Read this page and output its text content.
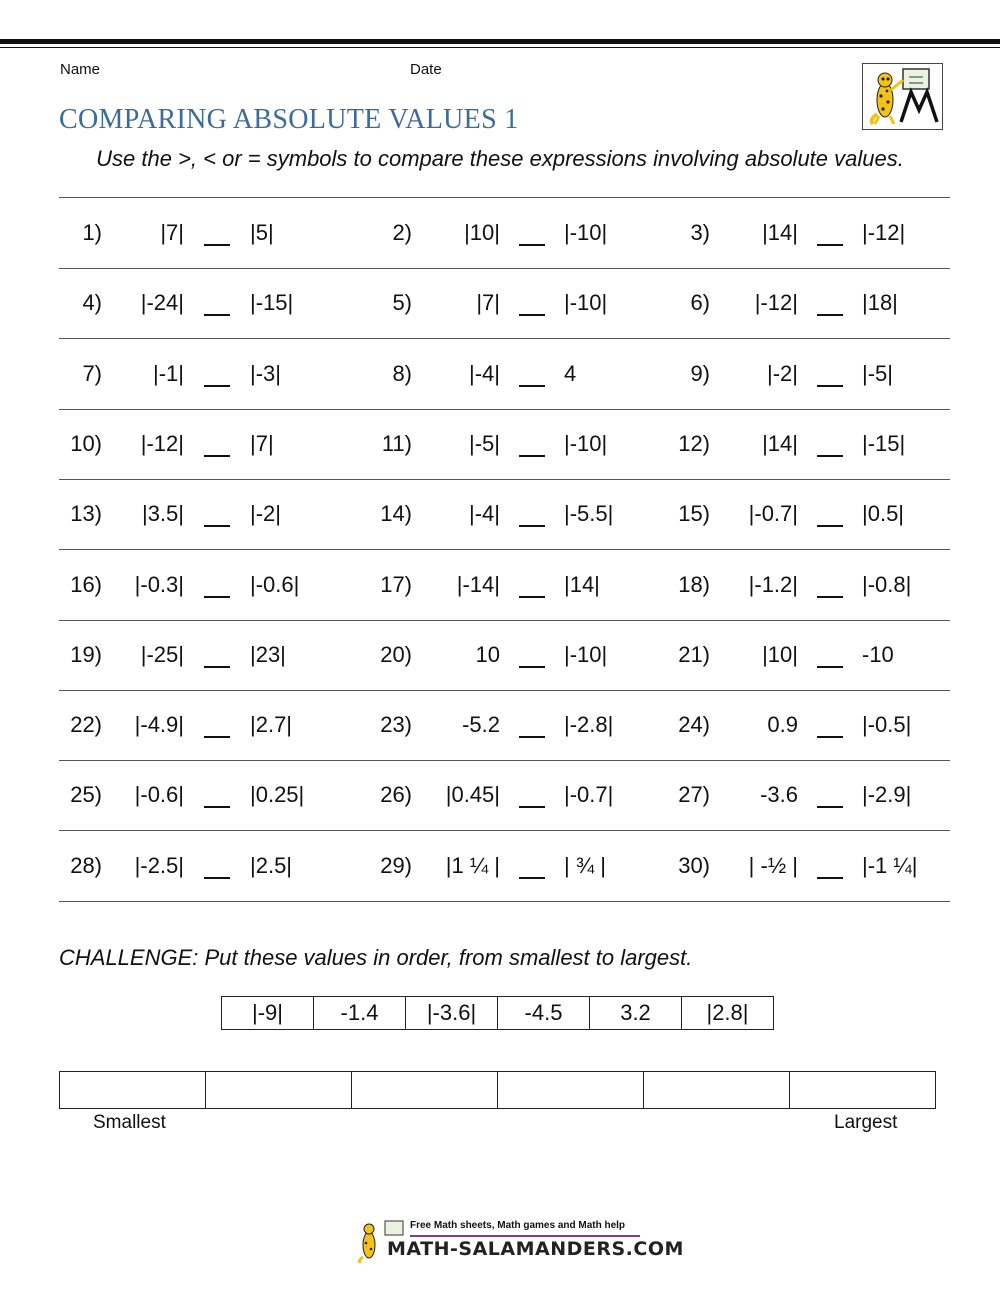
Name	Date
COMPARING ABSOLUTE VALUES 1
Use the >, < or = symbols to compare these expressions involving absolute values.
1)	|7|	|5|	2)	|10|	|-10|	3)	|14|	|-12|
4)	|-24|	|-15|	5)	|7|	|-10|	6)	|-12|	|18|
7)	|-1|	|-3|	8)	|-4|	4	9)	|-2|	|-5|
10)	|-12|	|7|	11)	|-5|	|-10|	12)	|14|	|-15|
13)	|3.5|	|-2|	14)	|-4|	|-5.5|	15)	|-0.7|	|0.5|
16)	|-0.3|	|-0.6|	17)	|-14|	|14|	18)	|-1.2|	|-0.8|
19)	|-25|	|23|	20)	10	|-10|	21)	|10|	-10
22)	|-4.9|	|2.7|	23)	-5.2	|-2.8|	24)	0.9	|-0.5|
25)	|-0.6|	|0.25|	26)	|0.45|	|-0.7|	27)	-3.6	|-2.9|
28)	|-2.5|	|2.5|	29)	|1 ¼ |	| ¾ |	30)	| -½ |	|-1 ¼|
CHALLENGE: Put these values in order, from smallest to largest.
|-9|	-1.4	|-3.6|	-4.5	3.2	|2.8|

Smallest	Largest
Free Math sheets, Math games and Math help
MATH-SALAMANDERS.COM
